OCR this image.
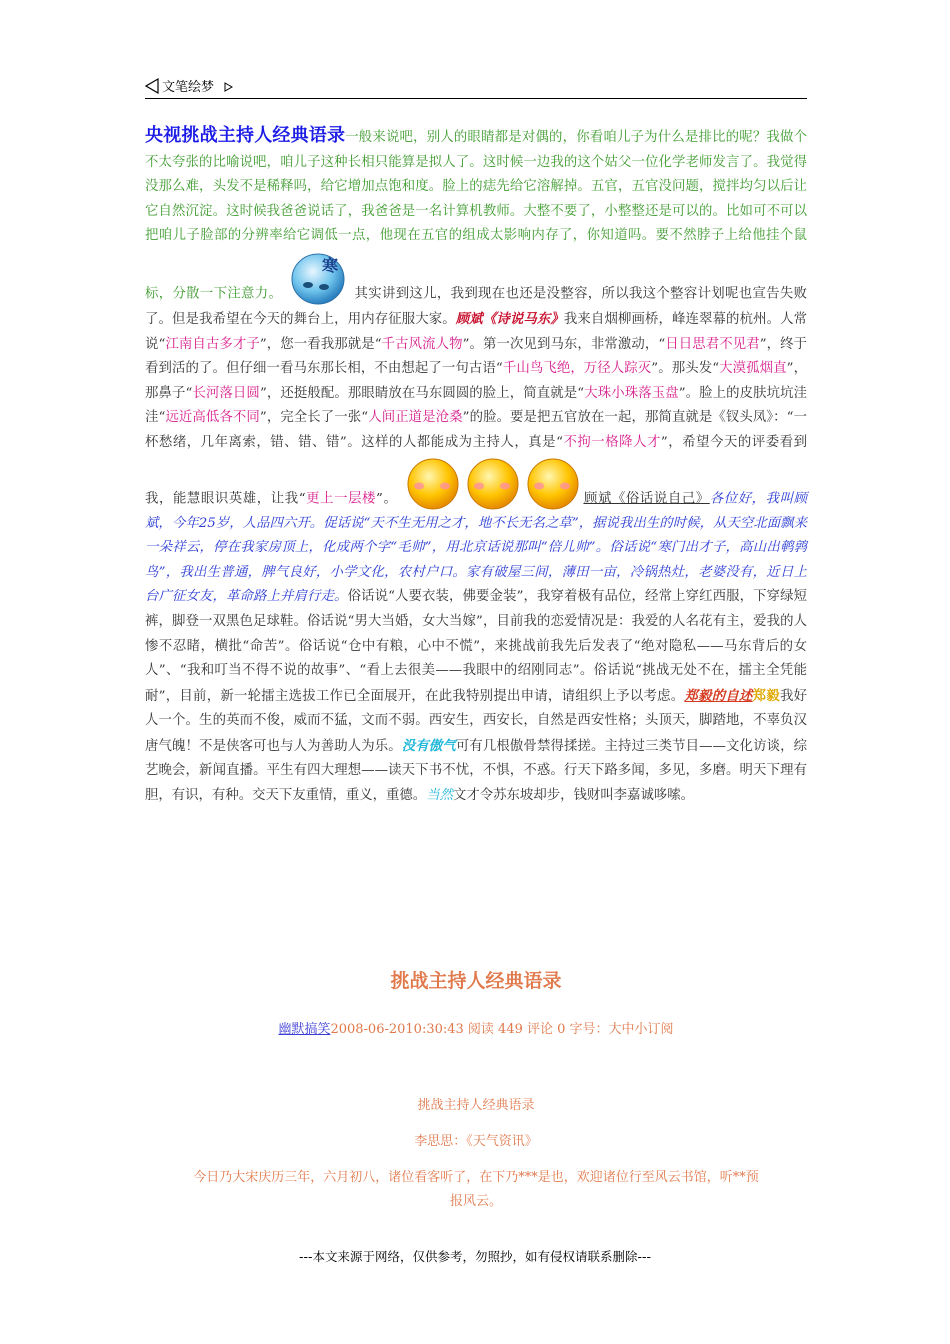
文笔绘梦
央视挑战主持人经典语录一般来说吧，别人的眼睛都是对偶的，你看咱儿子为什么是排比的呢？我做个不太夸张的比喻说吧，咱儿子这种长相只能算是拟人了。这时候一边我的这个姑父一位化学老师发言了。我觉得没那么难，头发不是稀释吗，给它增加点饱和度。脸上的痣先给它溶解掉。五官，五官没问题，搅拌均匀以后让它自然沉淀。这时候我爸爸说话了，我爸爸是一名计算机教师。大整不要了，小整整还是可以的。比如可不可以把咱儿子脸部的分辨率给它调低一点，他现在五官的组成太影响内存了，你知道吗。要不然脖子上给他挂个鼠标，分散一下注意力。
寒
其实讲到这儿，我到现在也还是没整容，所以我这个整容计划呢也宣告失败了。但是我希望在今天的舞台上，用内存征服大家。顾斌《诗说马东》我来自烟柳画桥，峰连翠幕的杭州。人常说“江南自古多才子”，您一看我那就是“千古风流人物”。第一次见到马东，非常激动，“日日思君不见君”，终于看到活的了。但仔细一看马东那长相，不由想起了一句古语“千山鸟飞绝，万径人踪灭”。那头发“大漠孤烟直”，那鼻子“长河落日圆”，还挺般配。那眼睛放在马东圆圆的脸上，简直就是“大珠小珠落玉盘”。脸上的皮肤坑坑洼洼“远近高低各不同”，完全长了一张“人间正道是沧桑”的脸。要是把五官放在一起，那简直就是《钗头凤》：“一杯愁绪，几年离索，错、错、错”。这样的人都能成为主持人，真是“不拘一格降人才”，希望今天的评委看到我，能慧眼识英雄，让我“更上一层楼”。	顾斌《俗话说自己》各位好，我叫顾斌，今年25岁，人品四六开。促话说“天不生无用之才，地不长无名之草”，据说我出生的时候，从天空北面飘来一朵祥云，停在我家房顶上，化成两个字“毛帅”，用北京话说那叫“倍儿帅”。俗话说“寒门出才子，高山出鹌鹑鸟”，我出生普通，脾气良好，小学文化，农村户口。家有破屋三间，薄田一亩，冷锅热灶，老婆没有，近日上台广征女友，革命路上并肩行走。俗话说“人要衣装，佛要金装”，我穿着极有品位，经常上穿红西服，下穿绿短裤，脚登一双黑色足球鞋。俗话说“男大当婚，女大当嫁”，目前我的恋爱情况是：我爱的人名花有主，爱我的人惨不忍睹，横批“命苦”。俗话说“仓中有粮，心中不慌”，来挑战前我先后发表了“绝对隐私——马东背后的女人”、“我和叮当不得不说的故事”、“看上去很美——我眼中的绍刚同志”。俗话说“挑战无处不在，擂主全凭能耐”，目前，新一轮擂主选拔工作已全面展开，在此我特别提出申请，请组织上予以考虑。郑毅的自述郑毅我好人一个。生的英而不俊，威而不猛，文而不弱。西安生，西安长，自然是西安性格；头顶天，脚踏地，不辜负汉唐气魄！不是侠客可也与人为善助人为乐。没有傲气可有几根傲骨禁得揉搓。主持过三类节目——文化访谈，综艺晚会，新闻直播。平生有四大理想——读天下书不忧，不惧，不惑。行天下路多闻，多见，多磨。明天下理有胆，有识，有种。交天下友重情，重义，重德。当然文才令苏东坡却步，钱财叫李嘉诚哆嗦。
挑战主持人经典语录
幽默搞笑2008-06-2010:30:43 阅读 449 评论 0 字号：大中小订阅
挑战主持人经典语录
李思思：《天气资讯》
今日乃大宋庆历三年，六月初八，诸位看客听了，在下乃***是也，欢迎诸位行至风云书馆，听**预
报风云。
---本文来源于网络，仅供参考，勿照抄，如有侵权请联系删除---
